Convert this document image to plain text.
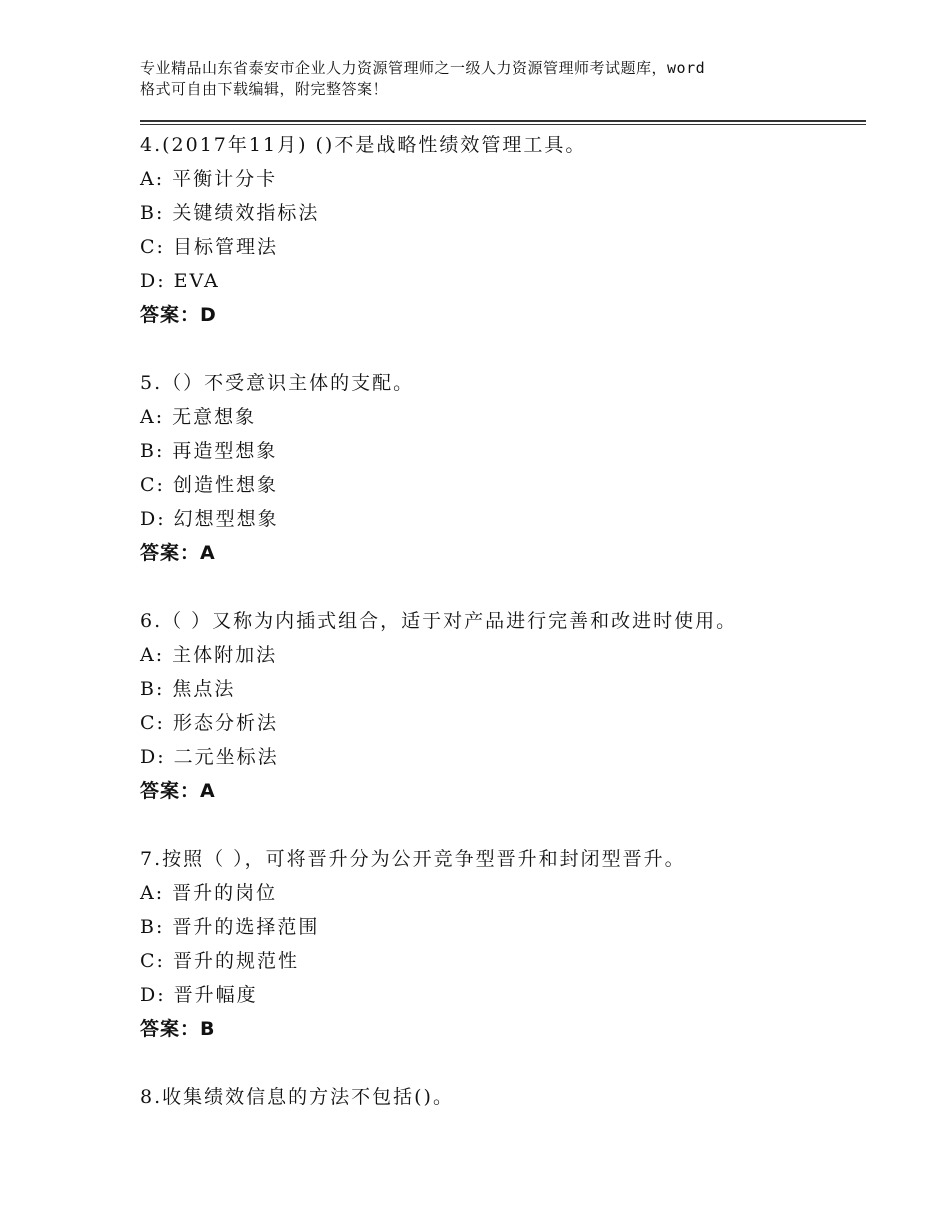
专业精品山东省泰安市企业人力资源管理师之一级人力资源管理师考试题库，word
格式可自由下载编辑，附完整答案！
4.(2017年11月) ()不是战略性绩效管理工具。
A: 平衡计分卡
B: 关键绩效指标法
C: 目标管理法
D: EVA
答案：D
5.（）不受意识主体的支配。
A: 无意想象
B: 再造型想象
C: 创造性想象
D: 幻想型想象
答案：A
6.（ ）又称为内插式组合，适于对产品进行完善和改进时使用。
A: 主体附加法
B: 焦点法
C: 形态分析法
D: 二元坐标法
答案：A
7.按照（ ），可将晋升分为公开竞争型晋升和封闭型晋升。
A: 晋升的岗位
B: 晋升的选择范围
C: 晋升的规范性
D: 晋升幅度
答案：B
8.收集绩效信息的方法不包括()。
